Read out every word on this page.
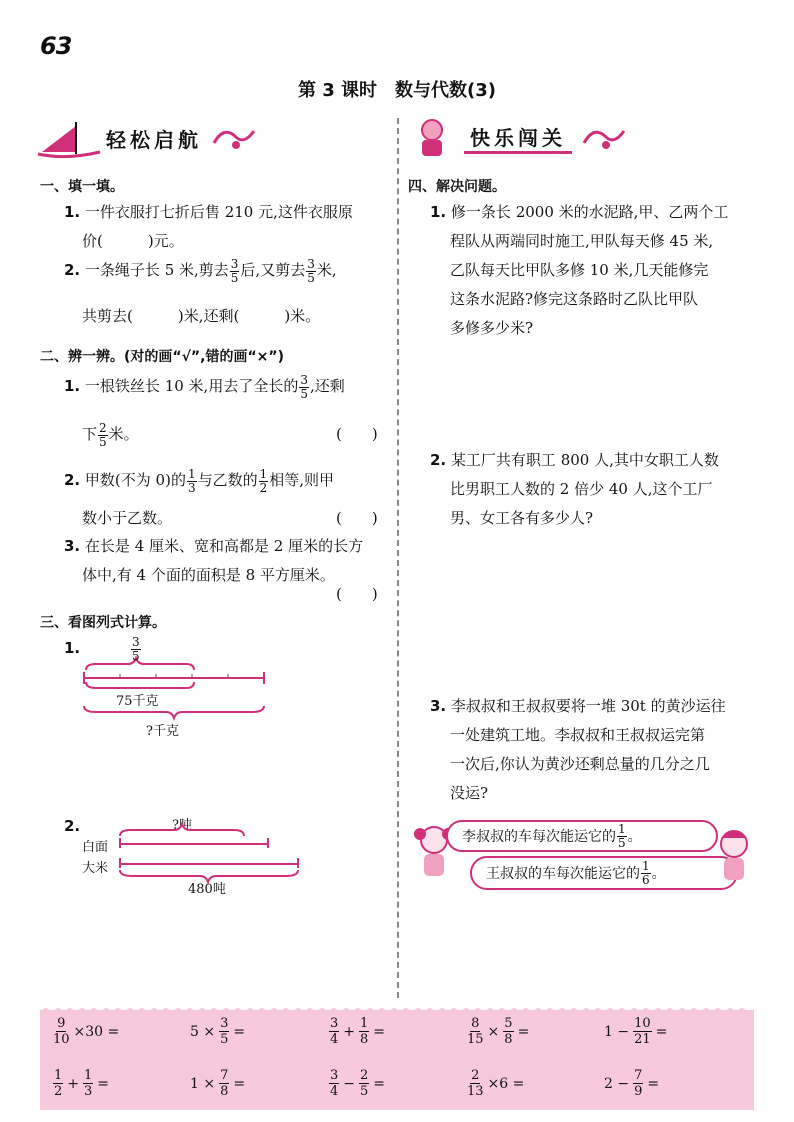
63
第 3 课时　数与代数(3)
轻松启航	快乐闯关
一、填一填。
1. 一件衣服打七折后售 210 元,这件衣服原
价(　　　)元。
2. 一条绳子长 5 米,剪去 $\frac{3}{5}$ 后,又剪去 $\frac{3}{5}$ 米,
共剪去(　　　)米,还剩(　　　)米。
二、辨一辨。(对的画“√”,错的画“×”)
1. 一根铁丝长 10 米,用去了全长的 $\frac{3}{5}$ ,还剩
下 $\frac{2}{5}$ 米。	(　　)
2. 甲数(不为 0)的 $\frac{1}{3}$ 与乙数的 $\frac{1}{2}$ 相等,则甲
数小于乙数。	(　　)
3. 在长是 4 厘米、宽和高都是 2 厘米的长方
体中,有 4 个面的面积是 8 平方厘米。
(　　)
三、看图列式计算。
1.	$\frac{3}{5}$
75千克
?千克
2.	?吨
白面
大米
480吨
四、解决问题。
1. 修一条长 2000 米的水泥路,甲、乙两个工
程队从两端同时施工,甲队每天修 45 米,
乙队每天比甲队多修 10 米,几天能修完
这条水泥路?修完这条路时乙队比甲队
多修多少米?
2. 某工厂共有职工 800 人,其中女职工人数
比男职工人数的 2 倍少 40 人,这个工厂
男、女工各有多少人?
3. 李叔叔和王叔叔要将一堆 30t 的黄沙运往
一处建筑工地。李叔叔和王叔叔运完第
一次后,你认为黄沙还剩总量的几分之几
没运?
李叔叔的车每次能运它的 $\frac{1}{5}$ 。
王叔叔的车每次能运它的 $\frac{1}{6}$ 。
$\frac{9}{10} \times 30$ =	$5 \times \frac{3}{5}$ =	$\frac{3}{4} + \frac{1}{8}$ =	$\frac{8}{15} \times \frac{5}{8}$ =	$1 - \frac{10}{21}$ =
$\frac{1}{2} + \frac{1}{3}$ =	$1 \times \frac{7}{8}$ =	$\frac{3}{4} - \frac{2}{5}$ =	$\frac{2}{13} \times 6$ =	$2 - \frac{7}{9}$ =
